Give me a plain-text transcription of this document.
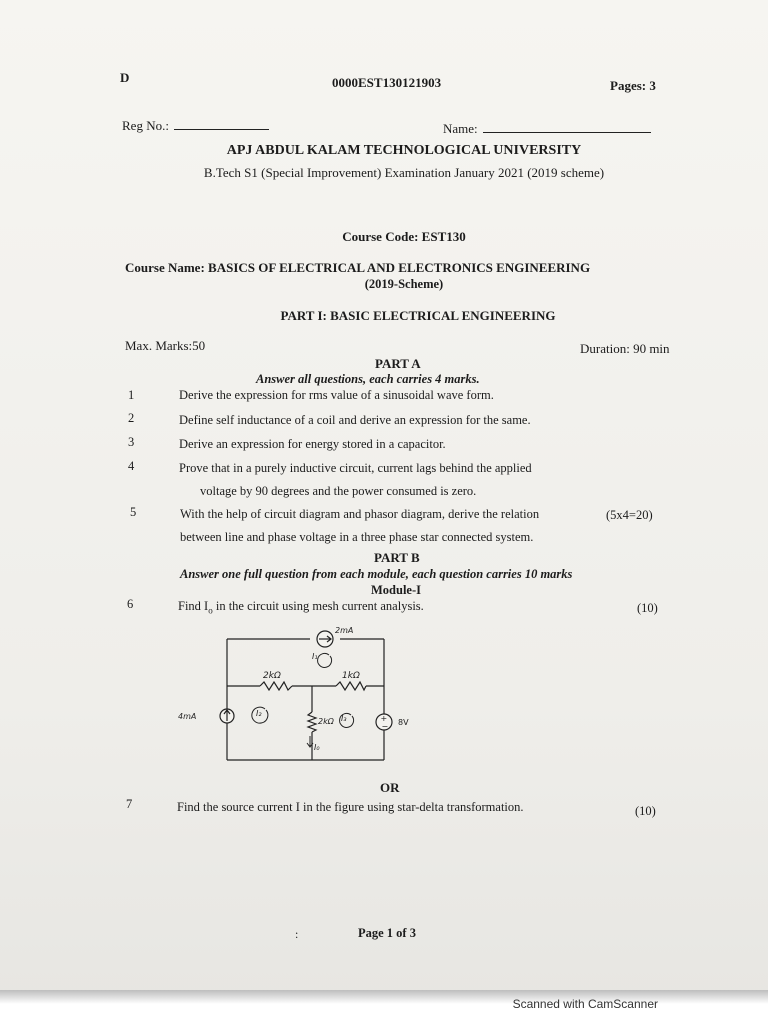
D	0000EST130121903	Pages: 3
Reg No.:	Name:
APJ ABDUL KALAM TECHNOLOGICAL UNIVERSITY
B.Tech S1 (Special Improvement) Examination January 2021 (2019 scheme)
Course Code: EST130
Course Name: BASICS OF ELECTRICAL AND ELECTRONICS ENGINEERING
(2019-Scheme)
PART I: BASIC ELECTRICAL ENGINEERING
Max. Marks:50	Duration: 90 min
PART A
Answer all questions, each carries 4 marks.
1	Derive the expression for rms value of a sinusoidal wave form.
2	Define self inductance of a coil and derive an expression for the same.
3	Derive an expression for energy stored in a capacitor.
4	Prove that in a purely inductive circuit, current lags behind the applied
voltage by 90 degrees and the power consumed is zero.
5	With the help of circuit diagram and phasor diagram, derive the relation	(5x4=20)
between line and phase voltage in a three phase star connected system.
PART B
Answer one full question from each module, each question carries 10 marks
Module-I
6	Find $I_o$ in the circuit using mesh current analysis.	(10)
+
−
2mA
4mA
8V
2kΩ	1kΩ
2kΩ
I₁
I₂
I₃
I₀
OR
7	Find the source current I in the figure using star-delta transformation.	(10)
:	Page 1 of 3
Scanned with CamScanner
